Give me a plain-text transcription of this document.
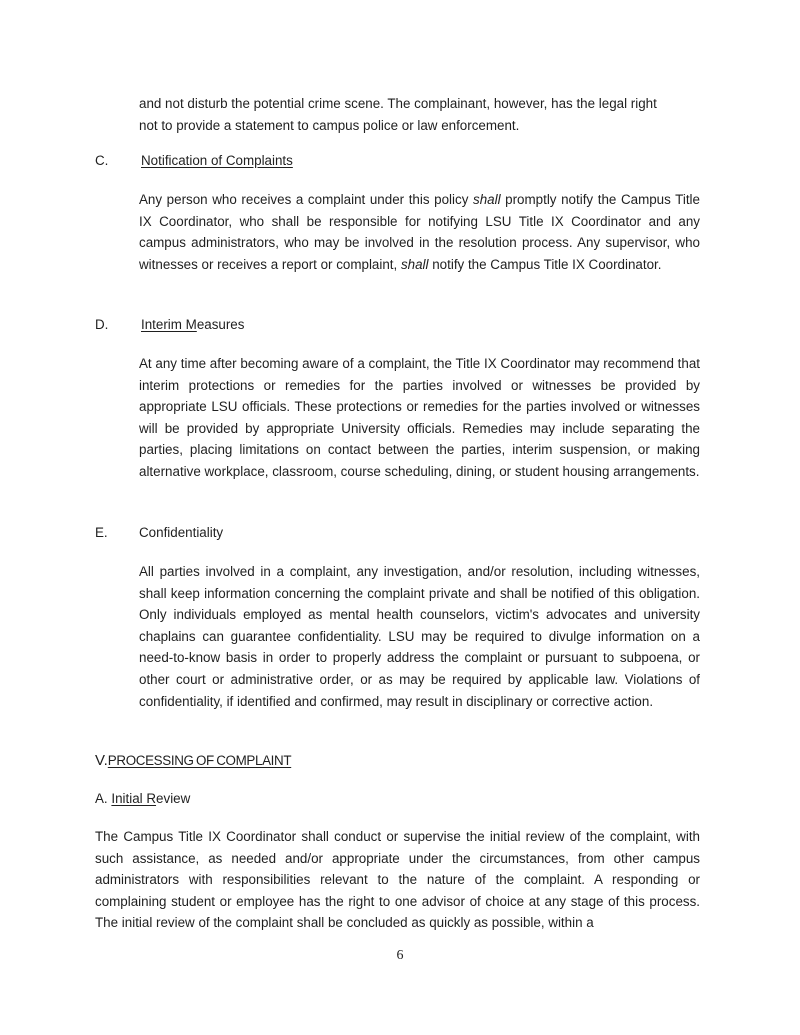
and not disturb the potential crime scene. The complainant, however, has the legal right
not to provide a statement to campus police or law enforcement.
C. Notification of Complaints
Any person who receives a complaint under this policy shall promptly notify the Campus Title IX Coordinator, who shall be responsible for notifying LSU Title IX Coordinator and any campus administrators, who may be involved in the resolution process. Any supervisor, who witnesses or receives a report or complaint, shall notify the Campus Title IX Coordinator.
D. Interim Measures
At any time after becoming aware of a complaint, the Title IX Coordinator may recommend that interim protections or remedies for the parties involved or witnesses be provided by appropriate LSU officials. These protections or remedies for the parties involved or witnesses will be provided by appropriate University officials. Remedies may include separating the parties, placing limitations on contact between the parties, interim suspension, or making alternative workplace, classroom, course scheduling, dining, or student housing arrangements.
E. Confidentiality
All parties involved in a complaint, any investigation, and/or resolution, including witnesses, shall keep information concerning the complaint private and shall be notified of this obligation. Only individuals employed as mental health counselors, victim's advocates and university chaplains can guarantee confidentiality. LSU may be required to divulge information on a need-to-know basis in order to properly address the complaint or pursuant to subpoena, or other court or administrative order, or as may be required by applicable law. Violations of confidentiality, if identified and confirmed, may result in disciplinary or corrective action.
V.PROCESSING OF COMPLAINT
A. Initial Review
The Campus Title IX Coordinator shall conduct or supervise the initial review of the complaint, with such assistance, as needed and/or appropriate under the circumstances, from other campus administrators with responsibilities relevant to the nature of the complaint. A responding or complaining student or employee has the right to one advisor of choice at any stage of this process. The initial review of the complaint shall be concluded as quickly as possible, within a
6
